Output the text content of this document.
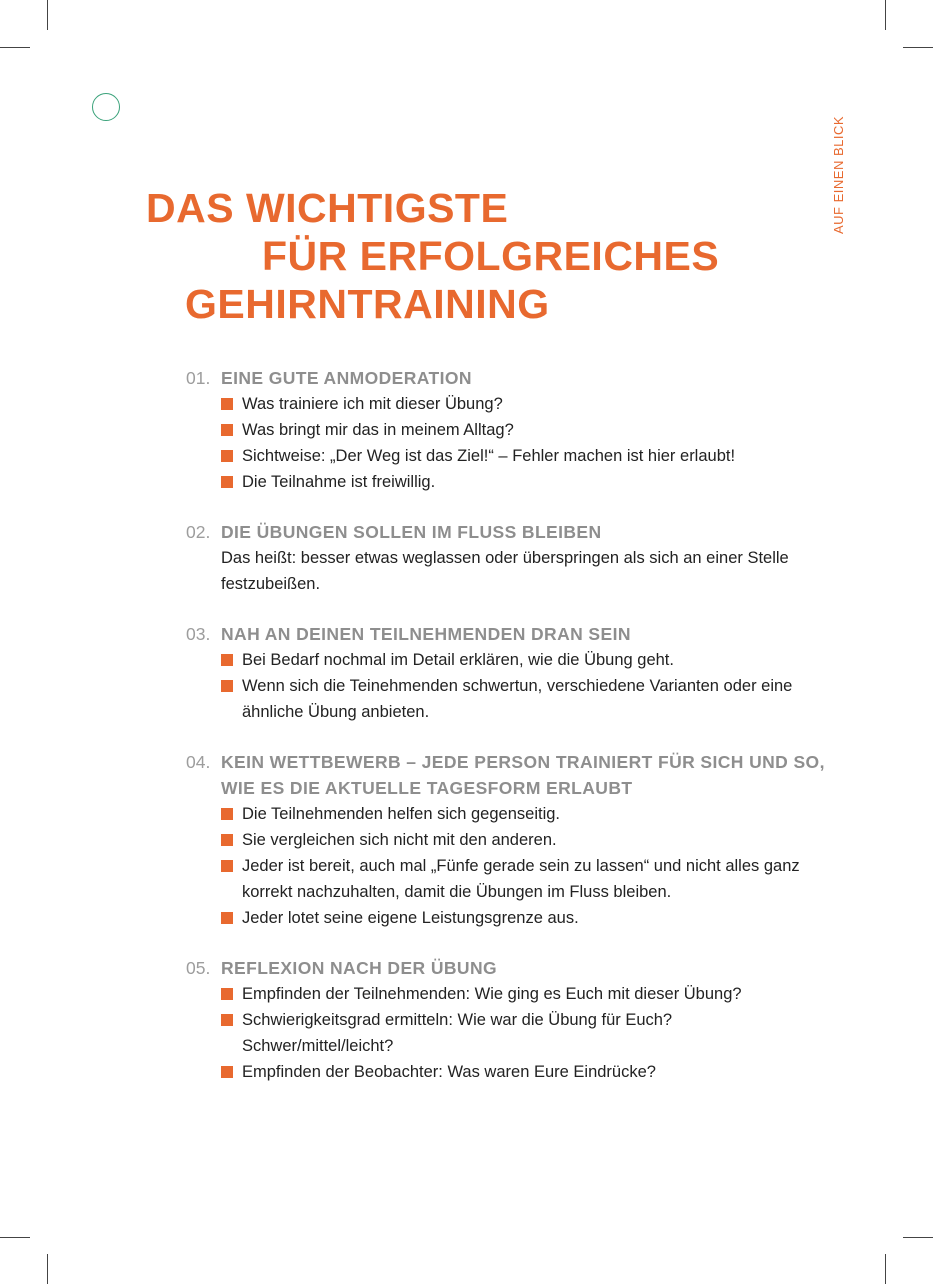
AUF EINEN BLICK
DAS WICHTIGSTE
FÜR ERFOLGREICHES
GEHIRNTRAINING
01. EINE GUTE ANMODERATION
Was trainiere ich mit dieser Übung?
Was bringt mir das in meinem Alltag?
Sichtweise: „Der Weg ist das Ziel!“ – Fehler machen ist hier erlaubt!
Die Teilnahme ist freiwillig.
02. DIE ÜBUNGEN SOLLEN IM FLUSS BLEIBEN
Das heißt: besser etwas weglassen oder überspringen als sich an einer Stelle festzubeißen.
03. NAH AN DEINEN TEILNEHMENDEN DRAN SEIN
Bei Bedarf nochmal im Detail erklären, wie die Übung geht.
Wenn sich die Teinehmenden schwertun, verschiedene Varianten oder eine ähnliche Übung anbieten.
04. KEIN WETTBEWERB – JEDE PERSON TRAINIERT FÜR SICH UND SO, WIE ES DIE AKTUELLE TAGESFORM ERLAUBT
Die Teilnehmenden helfen sich gegenseitig.
Sie vergleichen sich nicht mit den anderen.
Jeder ist bereit, auch mal „Fünfe gerade sein zu lassen“ und nicht alles ganz korrekt nachzuhalten, damit die Übungen im Fluss bleiben.
Jeder lotet seine eigene Leistungsgrenze aus.
05. REFLEXION NACH DER ÜBUNG
Empfinden der Teilnehmenden: Wie ging es Euch mit dieser Übung?
Schwierigkeitsgrad ermitteln: Wie war die Übung für Euch? Schwer/mittel/leicht?
Empfinden der Beobachter: Was waren Eure Eindrücke?
